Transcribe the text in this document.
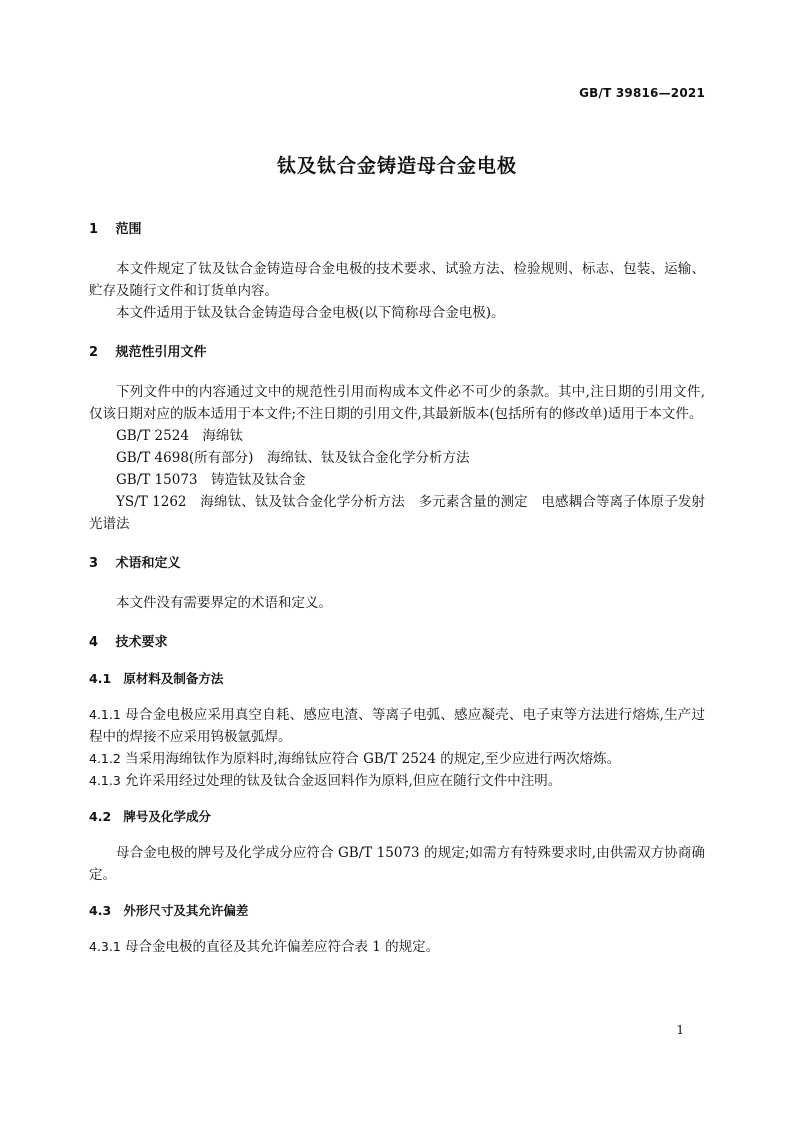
GB/T 39816—2021
钛及钛合金铸造母合金电极
1 范围

本文件规定了钛及钛合金铸造母合金电极的技术要求、试验方法、检验规则、标志、包装、运输、贮存及随行文件和订货单内容。

本文件适用于钛及钛合金铸造母合金电极(以下简称母合金电极)。

2 规范性引用文件

下列文件中的内容通过文中的规范性引用而构成本文件必不可少的条款。其中,注日期的引用文件,仅该日期对应的版本适用于本文件;不注日期的引用文件,其最新版本(包括所有的修改单)适用于本文件。

GB/T 2524　海绵钛

GB/T 4698(所有部分)　海绵钛、钛及钛合金化学分析方法

GB/T 15073　铸造钛及钛合金

YS/T 1262　海绵钛、钛及钛合金化学分析方法　多元素含量的测定　电感耦合等离子体原子发射光谱法

3 术语和定义

本文件没有需要界定的术语和定义。

4 技术要求
4.1 原材料及制备方法

4.1.1 母合金电极应采用真空自耗、感应电渣、等离子电弧、感应凝壳、电子束等方法进行熔炼,生产过程中的焊接不应采用钨极氩弧焊。

4.1.2 当采用海绵钛作为原料时,海绵钛应符合 GB/T 2524 的规定,至少应进行两次熔炼。

4.1.3 允许采用经过处理的钛及钛合金返回料作为原料,但应在随行文件中注明。

4.2 牌号及化学成分

母合金电极的牌号及化学成分应符合 GB/T 15073 的规定;如需方有特殊要求时,由供需双方协商确定。

4.3 外形尺寸及其允许偏差

4.3.1 母合金电极的直径及其允许偏差应符合表 1 的规定。

1
